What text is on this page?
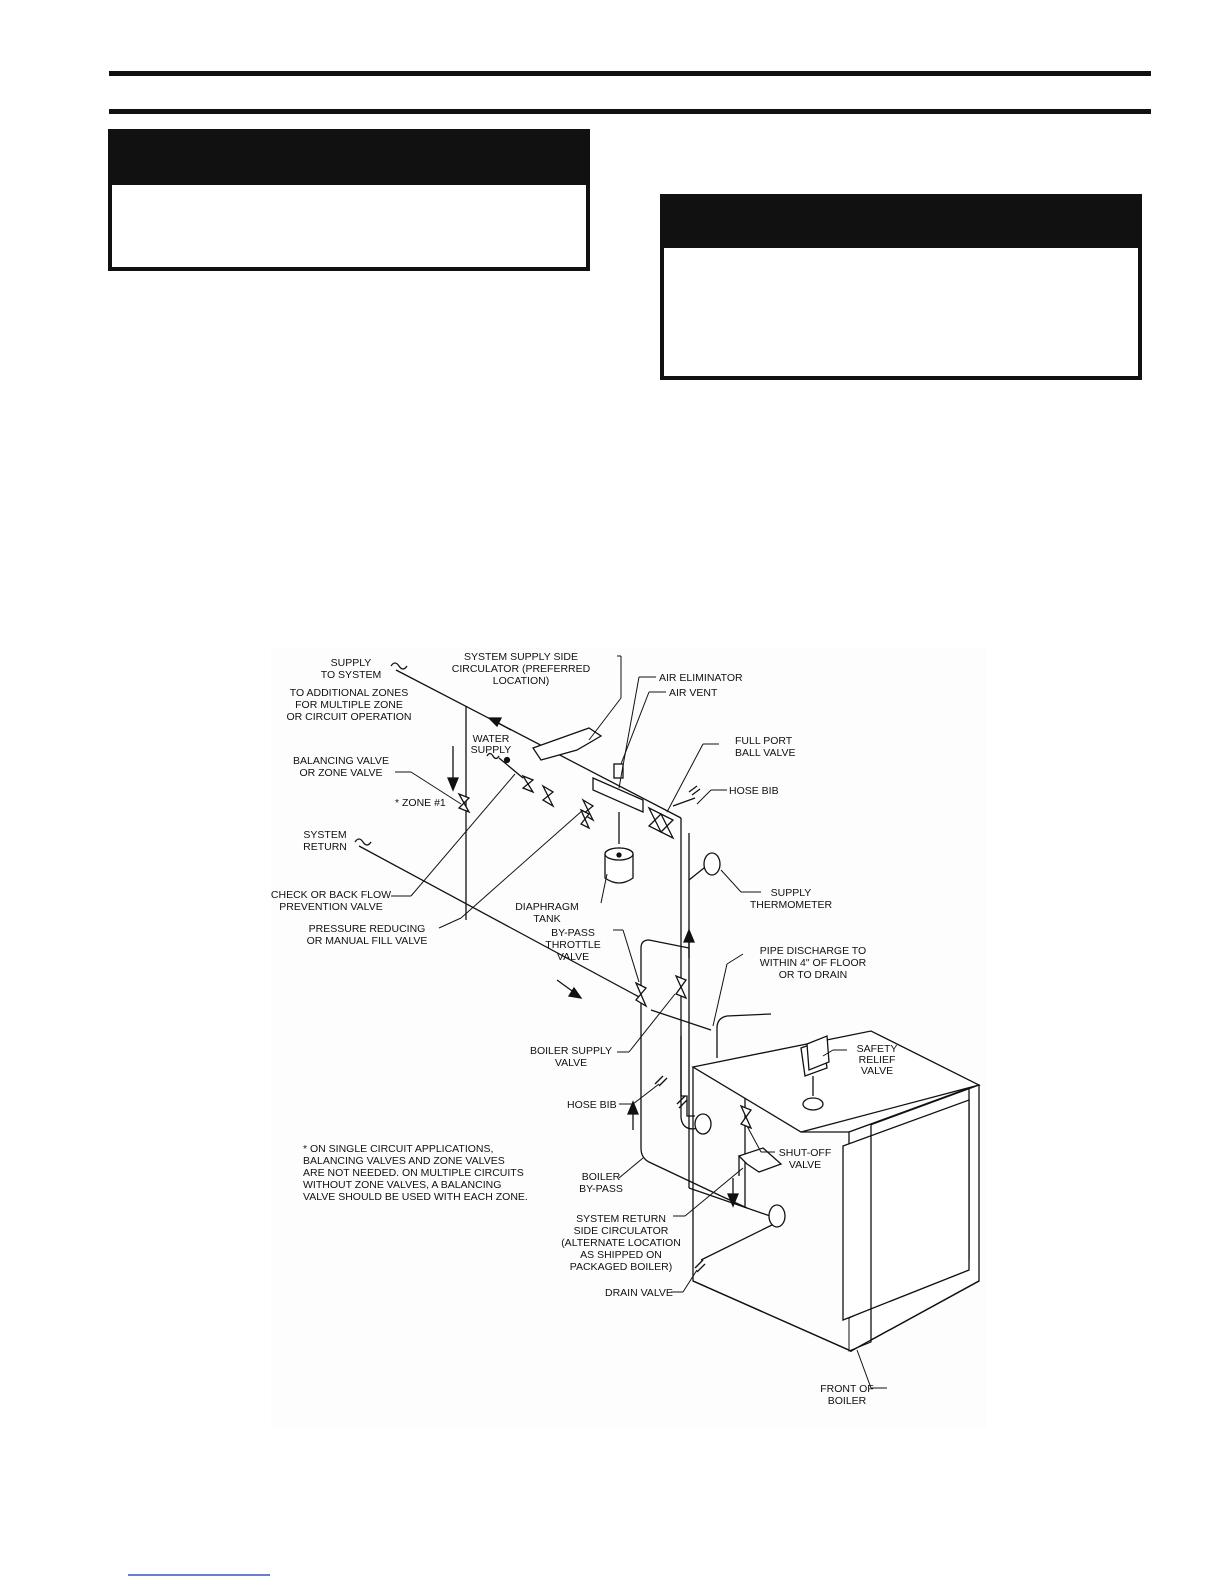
SUPPLY
TO SYSTEM
TO ADDITIONAL ZONES
FOR MULTIPLE ZONE
OR CIRCUIT OPERATION
BALANCING VALVE
OR ZONE VALVE
* ZONE #1
SYSTEM
RETURN
CHECK OR BACK FLOW
PREVENTION VALVE
PRESSURE REDUCING
OR MANUAL FILL VALVE
SYSTEM SUPPLY SIDE
CIRCULATOR (PREFERRED
LOCATION)	AIR ELIMINATOR
AIR VENT
WATER
SUPPLY
FULL PORT
BALL VALVE
HOSE BIB
SUPPLY
THERMOMETER
DIAPHRAGM
TANK
BY-PASS
THROTTLE
VALVE	PIPE DISCHARGE TO
WITHIN 4" OF FLOOR
OR TO DRAIN
SAFETY
RELIEF
VALVE
BOILER SUPPLY
VALVE
HOSE BIB
SHUT-OFF
VALVE
* ON SINGLE CIRCUIT APPLICATIONS,
BALANCING VALVES AND ZONE VALVES
ARE NOT NEEDED. ON MULTIPLE CIRCUITS
WITHOUT ZONE VALVES, A BALANCING
VALVE SHOULD BE USED WITH EACH ZONE.
BOILER
BY-PASS
SYSTEM RETURN
SIDE CIRCULATOR
(ALTERNATE LOCATION
AS SHIPPED ON
PACKAGED BOILER)
DRAIN VALVE
FRONT OF
BOILER
